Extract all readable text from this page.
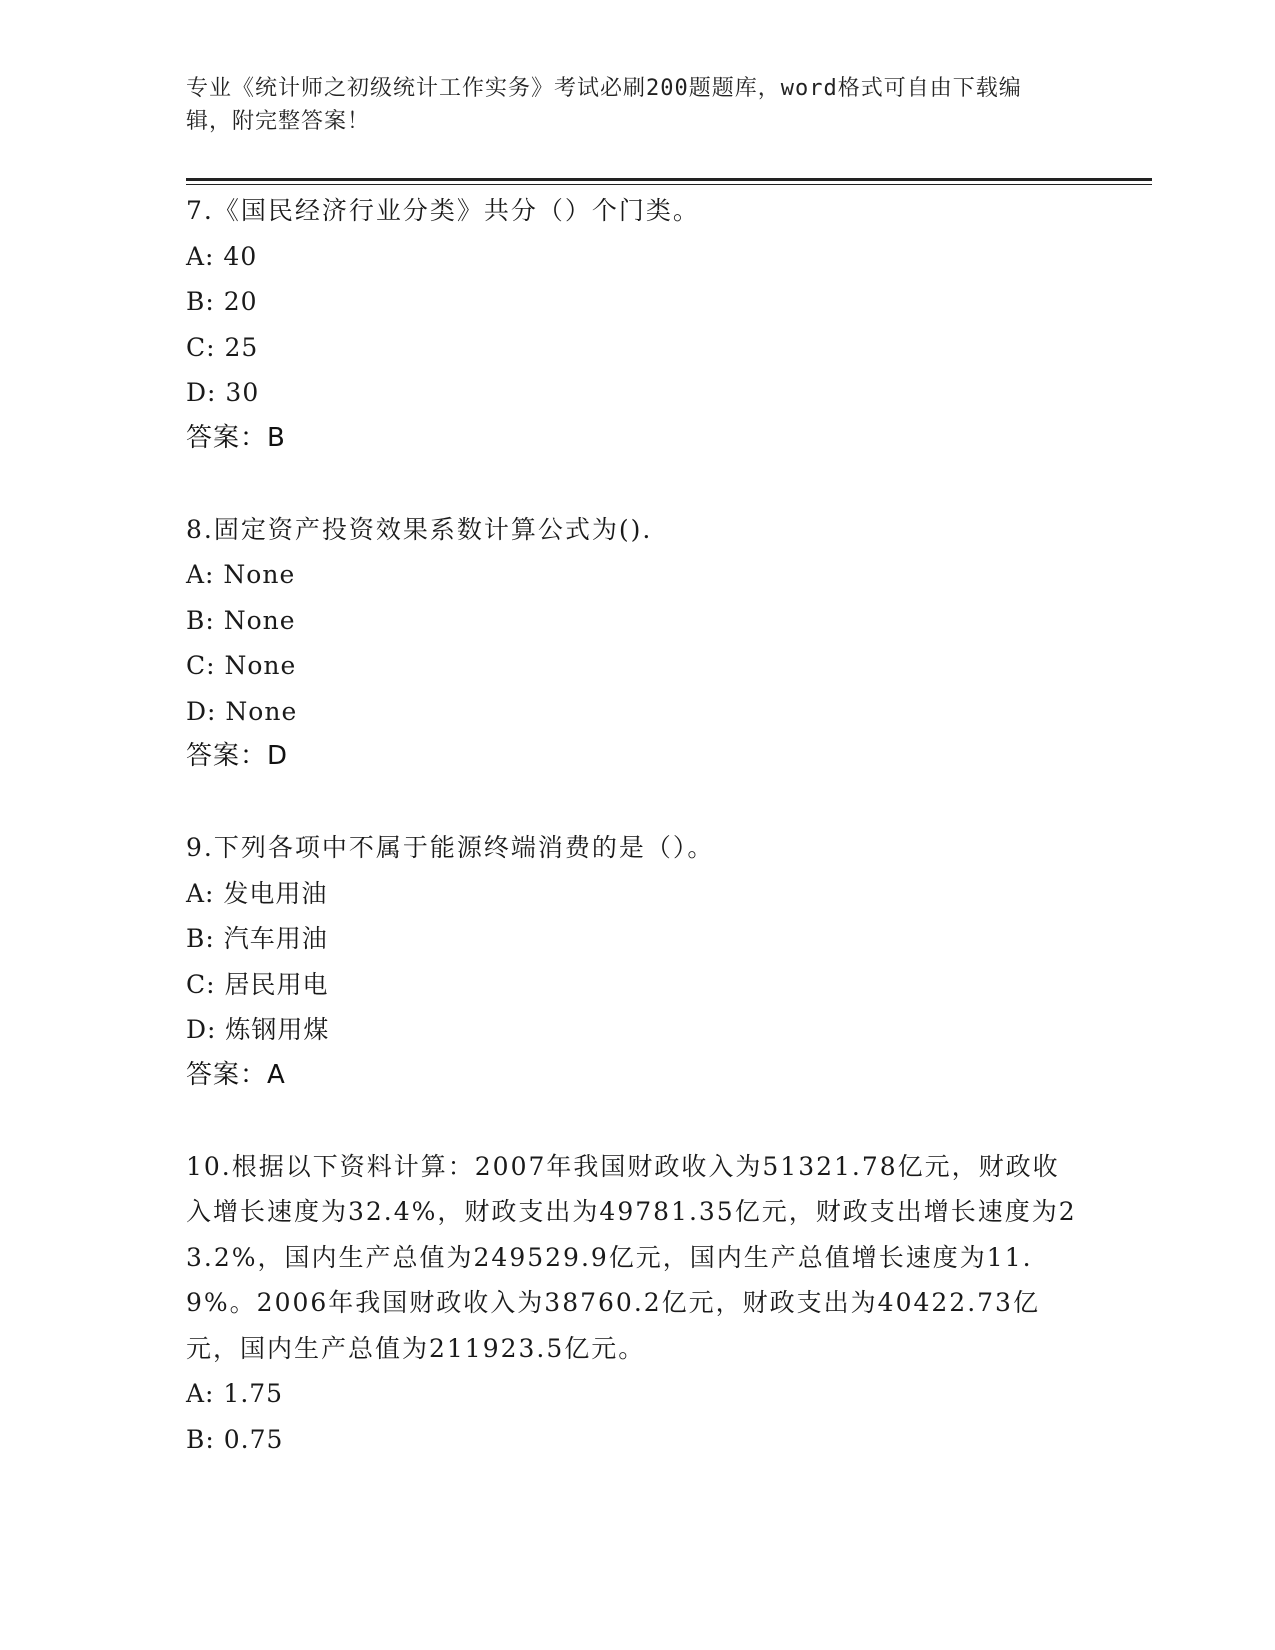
专业《统计师之初级统计工作实务》考试必刷200题题库，word格式可自由下载编辑，附完整答案！

7.《国民经济行业分类》共分（）个门类。

A: 40

B: 20

C: 25

D: 30

答案：B

8.固定资产投资效果系数计算公式为().

A: None

B: None

C: None

D: None

答案：D

9.下列各项中不属于能源终端消费的是（）。

A: 发电用油

B: 汽车用油

C: 居民用电

D: 炼钢用煤

答案：A

10.根据以下资料计算：2007年我国财政收入为51321.78亿元，财政收入增长速度为32.4%，财政支出为49781.35亿元，财政支出增长速度为23.2%，国内生产总值为249529.9亿元，国内生产总值增长速度为11.9%。2006年我国财政收入为38760.2亿元，财政支出为40422.73亿元，国内生产总值为211923.5亿元。

A: 1.75

B: 0.75
